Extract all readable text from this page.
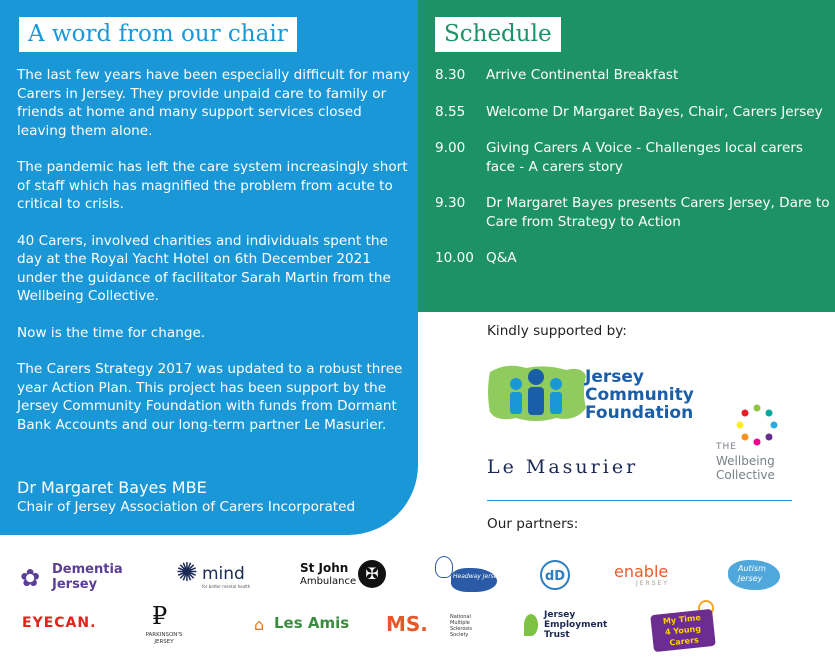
A word from our chair

The last few years have been especially difficult for many Carers in Jersey. They provide unpaid care to family or friends at home and many support services closed leaving them alone.

The pandemic has left the care system increasingly short of staff which has magnified the problem from acute to critical to crisis.

40 Carers, involved charities and individuals spent the day at the Royal Yacht Hotel on 6th December 2021 under the guidance of facilitator Sarah Martin from the Wellbeing Collective.

Now is the time for change.

The Carers Strategy 2017 was updated to a robust three year Action Plan. This project has been support by the Jersey Community Foundation with funds from Dormant Bank Accounts and our long-term partner Le Masurier.

Dr Margaret Bayes MBE
Chair of Jersey Association of Carers Incorporated
Schedule
8.30	Arrive Continental Breakfast
8.55	Welcome Dr Margaret Bayes, Chair, Carers Jersey
9.00	Giving Carers A Voice - Challenges local carers face - A carers story
9.30	Dr Margaret Bayes presents Carers Jersey, Dare to Care from Strategy to Action
10.00 Q&A
Kindly supported by:
Jersey
Community
Foundation
Le Masurier
THE
Wellbeing
Collective
Our partners:
✿ Dementia
Jersey	✺ mind
for better mental health
St John
Ambulance ✠	Headway Jersey	dD	enable
JERSEY
Autism
Jersey
EYECAN.	₽
PARKINSON'S
JERSEY
⌂ Les Amis MS.	National
Multiple Sclerosis
Society
Jersey
Employment
Trust
My Time
4 Young Carers
